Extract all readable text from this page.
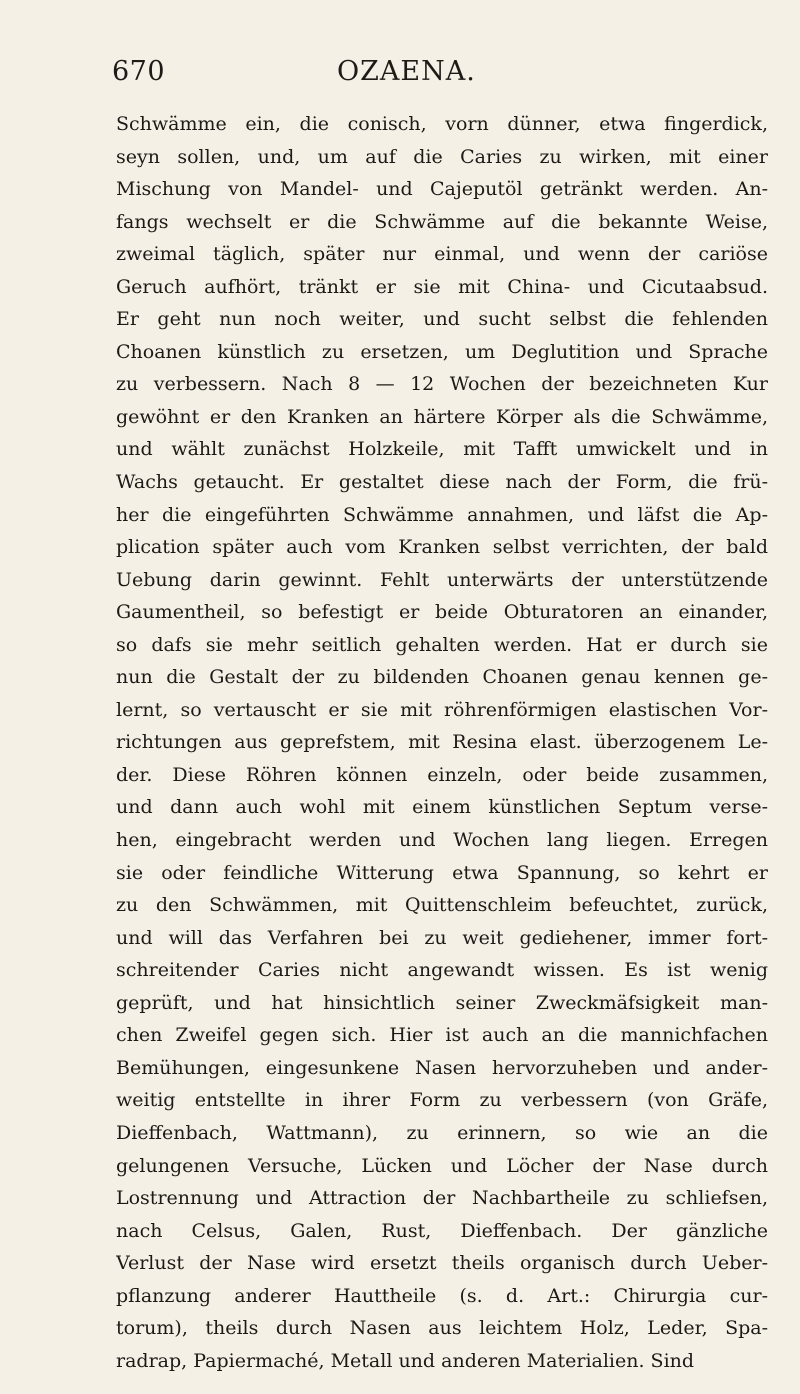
670	OZAENA.
Schwämme ein, die conisch, vorn dünner, etwa fingerdick,
seyn sollen, und, um auf die Caries zu wirken, mit einer
Mischung von Mandel- und Cajeputöl getränkt werden. An-
fangs wechselt er die Schwämme auf die bekannte Weise,
zweimal täglich, später nur einmal, und wenn der cariöse
Geruch aufhört, tränkt er sie mit China- und Cicutaabsud.
Er geht nun noch weiter, und sucht selbst die fehlenden
Choanen künstlich zu ersetzen, um Deglutition und Sprache
zu verbessern. Nach 8 — 12 Wochen der bezeichneten Kur
gewöhnt er den Kranken an härtere Körper als die Schwämme,
und wählt zunächst Holzkeile, mit Tafft umwickelt und in
Wachs getaucht. Er gestaltet diese nach der Form, die frü-
her die eingeführten Schwämme annahmen, und läfst die Ap-
plication später auch vom Kranken selbst verrichten, der bald
Uebung darin gewinnt. Fehlt unterwärts der unterstützende
Gaumentheil, so befestigt er beide Obturatoren an einander,
so dafs sie mehr seitlich gehalten werden. Hat er durch sie
nun die Gestalt der zu bildenden Choanen genau kennen ge-
lernt, so vertauscht er sie mit röhrenförmigen elastischen Vor-
richtungen aus geprefstem, mit Resina elast. überzogenem Le-
der. Diese Röhren können einzeln, oder beide zusammen,
und dann auch wohl mit einem künstlichen Septum verse-
hen, eingebracht werden und Wochen lang liegen. Erregen
sie oder feindliche Witterung etwa Spannung, so kehrt er
zu den Schwämmen, mit Quittenschleim befeuchtet, zurück,
und will das Verfahren bei zu weit gediehener, immer fort-
schreitender Caries nicht angewandt wissen. Es ist wenig
geprüft, und hat hinsichtlich seiner Zweckmäfsigkeit man-
chen Zweifel gegen sich. Hier ist auch an die mannichfachen
Bemühungen, eingesunkene Nasen hervorzuheben und ander-
weitig entstellte in ihrer Form zu verbessern (von Gräfe,
Dieffenbach, Wattmann), zu erinnern, so wie an die
gelungenen Versuche, Lücken und Löcher der Nase durch
Lostrennung und Attraction der Nachbartheile zu schliefsen,
nach Celsus, Galen, Rust, Dieffenbach. Der gänzliche
Verlust der Nase wird ersetzt theils organisch durch Ueber-
pflanzung anderer Hauttheile (s. d. Art.: Chirurgia cur-
torum), theils durch Nasen aus leichtem Holz, Leder, Spa-
radrap, Papiermaché, Metall und anderen Materialien. Sind
